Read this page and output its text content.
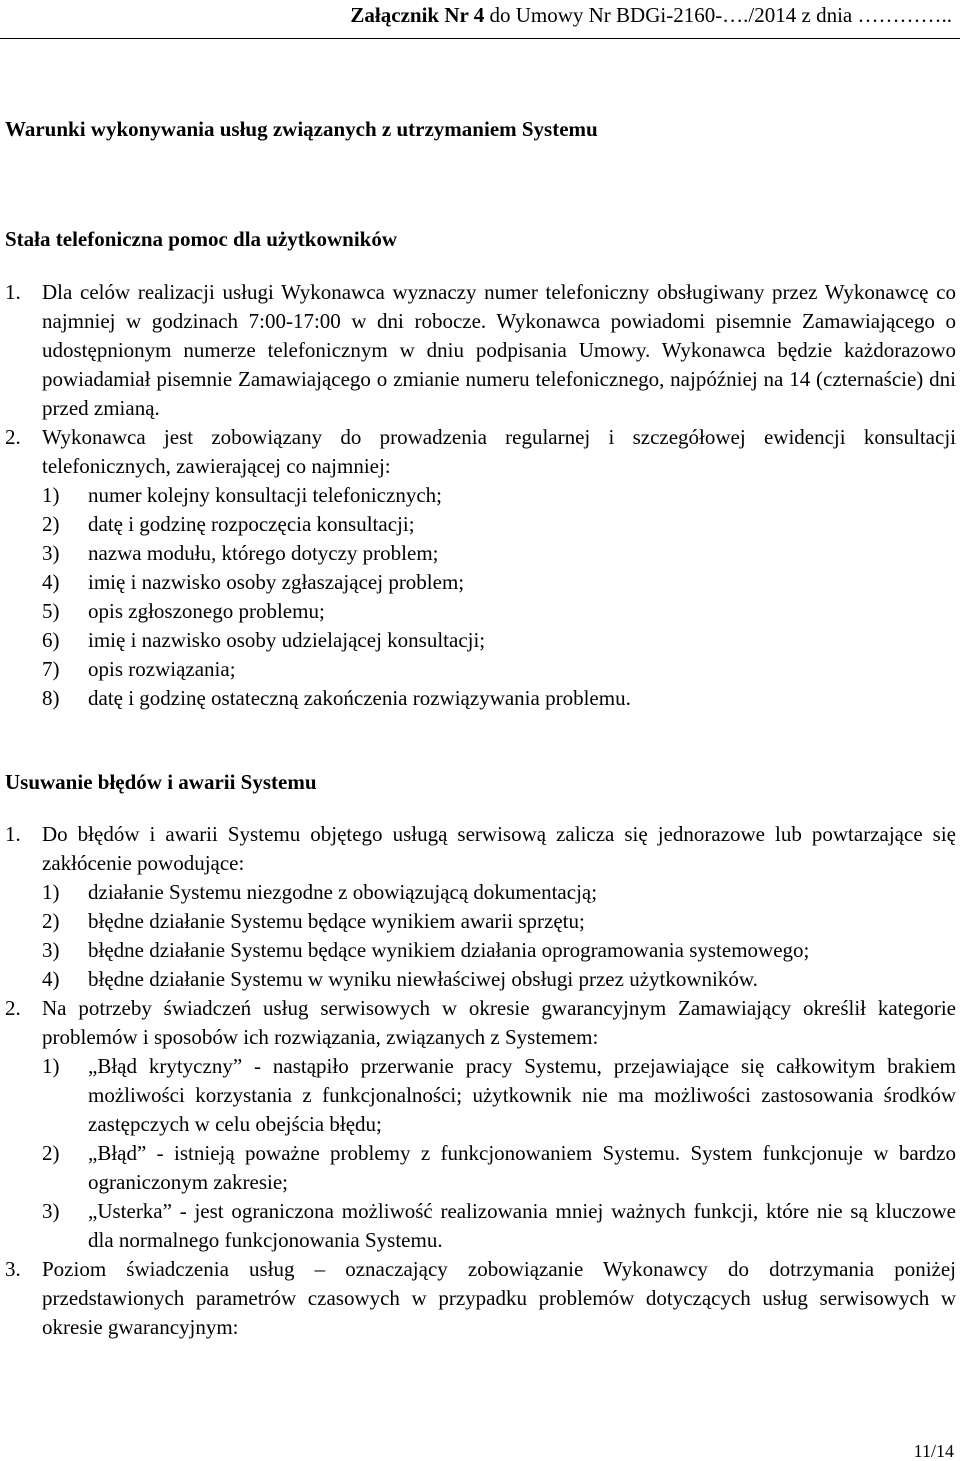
Załącznik Nr 4 do Umowy Nr BDGi-2160-…./2014 z dnia …………..
Warunki wykonywania usług związanych z utrzymaniem Systemu
Stała telefoniczna pomoc dla użytkowników
1.	Dla celów realizacji usługi Wykonawca wyznaczy numer telefoniczny obsługiwany przez Wykonawcę co najmniej w godzinach 7:00-17:00 w dni robocze. Wykonawca powiadomi pisemnie Zamawiającego o udostępnionym numerze telefonicznym w dniu podpisania Umowy. Wykonawca będzie każdorazowo powiadamiał pisemnie Zamawiającego o zmianie numeru telefonicznego, najpóźniej na 14 (czternaście) dni przed zmianą.

2.	Wykonawca jest zobowiązany do prowadzenia regularnej i szczegółowej ewidencji konsultacji telefonicznych, zawierającej co najmniej:

1)	numer kolejny konsultacji telefonicznych;
2)	datę i godzinę rozpoczęcia konsultacji;
3)	nazwa modułu, którego dotyczy problem;
4)	imię i nazwisko osoby zgłaszającej problem;
5)	opis zgłoszonego problemu;
6)	imię i nazwisko osoby udzielającej konsultacji;
7)	opis rozwiązania;
8)	datę i godzinę ostateczną zakończenia rozwiązywania problemu.
Usuwanie błędów i awarii Systemu
1.	Do błędów i awarii Systemu objętego usługą serwisową zalicza się jednorazowe lub powtarzające się zakłócenie powodujące:

1)	działanie Systemu niezgodne z obowiązującą dokumentacją;
2)	błędne działanie Systemu będące wynikiem awarii sprzętu;
3)	błędne działanie Systemu będące wynikiem działania oprogramowania systemowego;
4)	błędne działanie Systemu w wyniku niewłaściwej obsługi przez użytkowników.
2.	Na potrzeby świadczeń usług serwisowych w okresie gwarancyjnym Zamawiający określił kategorie problemów i sposobów ich rozwiązania, związanych z Systemem:

1)	„Błąd krytyczny” - nastąpiło przerwanie pracy Systemu, przejawiające się całkowitym brakiem możliwości korzystania z funkcjonalności; użytkownik nie ma możliwości zastosowania środków zastępczych w celu obejścia błędu;
2)	„Błąd” - istnieją poważne problemy z funkcjonowaniem Systemu. System funkcjonuje w bardzo ograniczonym zakresie;
3)	„Usterka” - jest ograniczona możliwość realizowania mniej ważnych funkcji, które nie są kluczowe dla normalnego funkcjonowania Systemu.
3.	Poziom świadczenia usług – oznaczający zobowiązanie Wykonawcy do dotrzymania poniżej przedstawionych parametrów czasowych w przypadku problemów dotyczących usług serwisowych w okresie gwarancyjnym:

11/14
